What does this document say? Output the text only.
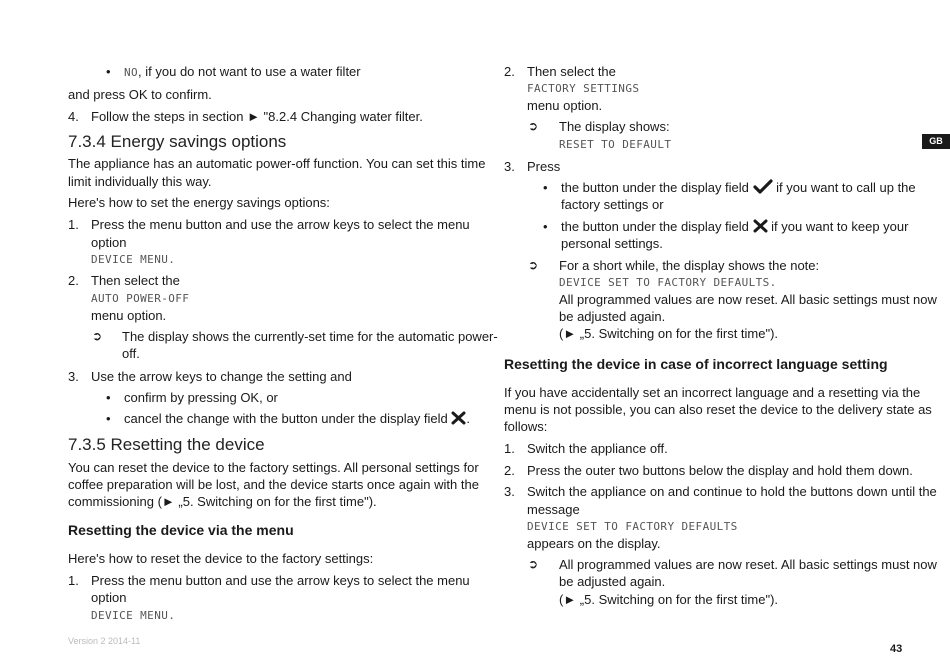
• NO, if you do not want to use a water filter
and press OK to confirm.
4. Follow the steps in section ► "8.2.4 Changing water filter.
7.3.4 Energy savings options
The appliance has an automatic power-off function. You can set this time
limit individually this way.
Here's how to set the energy savings options:
1. Press the menu button and use the arrow keys to select the menu
option
DEVICE MENU.
2. Then select the
AUTO POWER-OFF
menu option.
➲ The display shows the currently-set time for the automatic power-
off.
3. Use the arrow keys to change the setting and
• confirm by pressing OK, or
• cancel the change with the button under the display field .
7.3.5 Resetting the device
You can reset the device to the factory settings. All personal settings for
coffee preparation will be lost, and the device starts once again with the
commissioning (► „5. Switching on for the first time").
Resetting the device via the menu
Here's how to reset the device to the factory settings:
1. Press the menu button and use the arrow keys to select the menu
option
DEVICE MENU.
2. Then select the
FACTORY SETTINGS
menu option.
➲ The display shows:
RESET TO DEFAULT
3. Press
• the button under the display field if you want to call up the
factory settings or
• the button under the display field if you want to keep your
personal settings.
➲ For a short while, the display shows the note:
DEVICE SET TO FACTORY DEFAULTS.
All programmed values are now reset. All basic settings must now
be adjusted again.
(► „5. Switching on for the first time").
Resetting the device in case of incorrect language setting
If you have accidentally set an incorrect language and a resetting via the
menu is not possible, you can also reset the device to the delivery state as
follows:
1. Switch the appliance off.
2. Press the outer two buttons below the display and hold them down.
3. Switch the appliance on and continue to hold the buttons down until the
message
DEVICE SET TO FACTORY DEFAULTS
appears on the display.
➲ All programmed values are now reset. All basic settings must now
be adjusted again.
(► „5. Switching on for the first time").
GB
Version 2 2014-11
43
